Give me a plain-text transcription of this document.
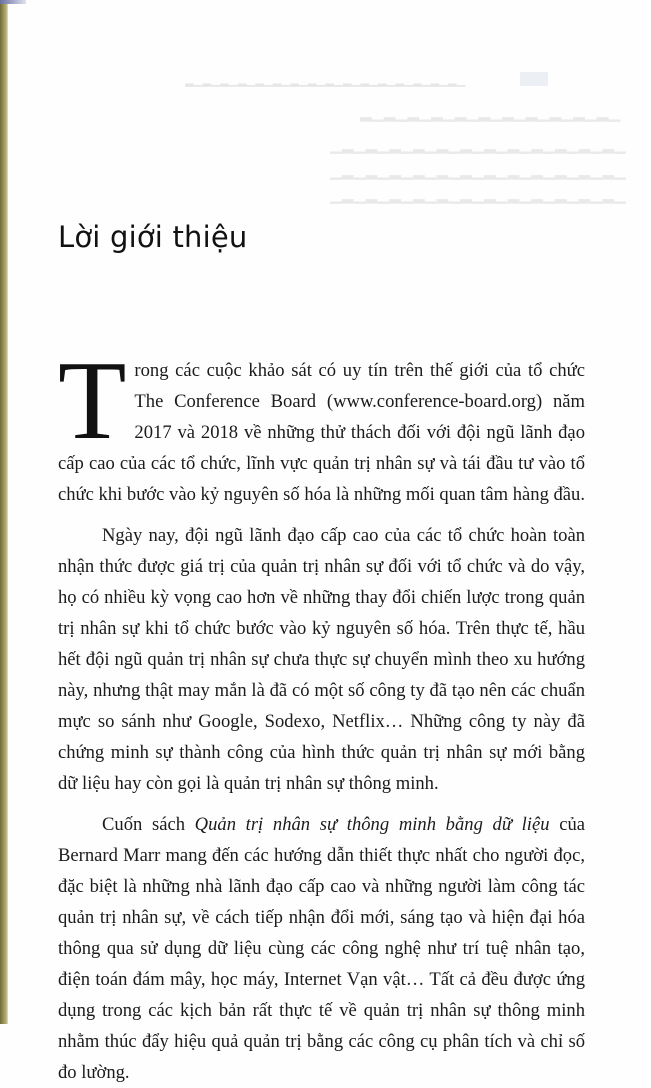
▁▂▁▂▁▂▁▂▁▂▁▂▁▂▁▂▁▂▁▂▁▂▁▂▁▂▁▂▁▂▁▂
▁▂▁▂▁▂▁▂▁▂▁▂▁▂▁▂▁▂▁▂▁▂
▁▂▁▂▁▂▁▂▁▂▁▂▁▂▁▂▁▂▁▂▁▂▁▂▁
▁▂▁▂▁▂▁▂▁▂▁▂▁▂▁▂▁▂▁▂▁▂▁▂▁
▁▂▁▂▁▂▁▂▁▂▁▂▁▂▁▂▁▂▁▂▁▂▁▂▁
Lời giới thiệu

Trong các cuộc khảo sát có uy tín trên thế giới của tổ chức The Conference Board (www.conference-board.org) năm 2017 và 2018 về những thử thách đối với đội ngũ lãnh đạo cấp cao của các tổ chức, lĩnh vực quản trị nhân sự và tái đầu tư vào tổ chức khi bước vào kỷ nguyên số hóa là những mối quan tâm hàng đầu.

Ngày nay, đội ngũ lãnh đạo cấp cao của các tổ chức hoàn toàn nhận thức được giá trị của quản trị nhân sự đối với tổ chức và do vậy, họ có nhiều kỳ vọng cao hơn về những thay đổi chiến lược trong quản trị nhân sự khi tổ chức bước vào kỷ nguyên số hóa. Trên thực tế, hầu hết đội ngũ quản trị nhân sự chưa thực sự chuyển mình theo xu hướng này, nhưng thật may mắn là đã có một số công ty đã tạo nên các chuẩn mực so sánh như Google, Sodexo, Netflix… Những công ty này đã chứng minh sự thành công của hình thức quản trị nhân sự mới bằng dữ liệu hay còn gọi là quản trị nhân sự thông minh.

Cuốn sách Quản trị nhân sự thông minh bằng dữ liệu của Bernard Marr mang đến các hướng dẫn thiết thực nhất cho người đọc, đặc biệt là những nhà lãnh đạo cấp cao và những người làm công tác quản trị nhân sự, về cách tiếp nhận đổi mới, sáng tạo và hiện đại hóa thông qua sử dụng dữ liệu cùng các công nghệ như trí tuệ nhân tạo, điện toán đám mây, học máy, Internet Vạn vật… Tất cả đều được ứng dụng trong các kịch bản rất thực tế về quản trị nhân sự thông minh nhằm thúc đẩy hiệu quả quản trị bằng các công cụ phân tích và chỉ số đo lường.
